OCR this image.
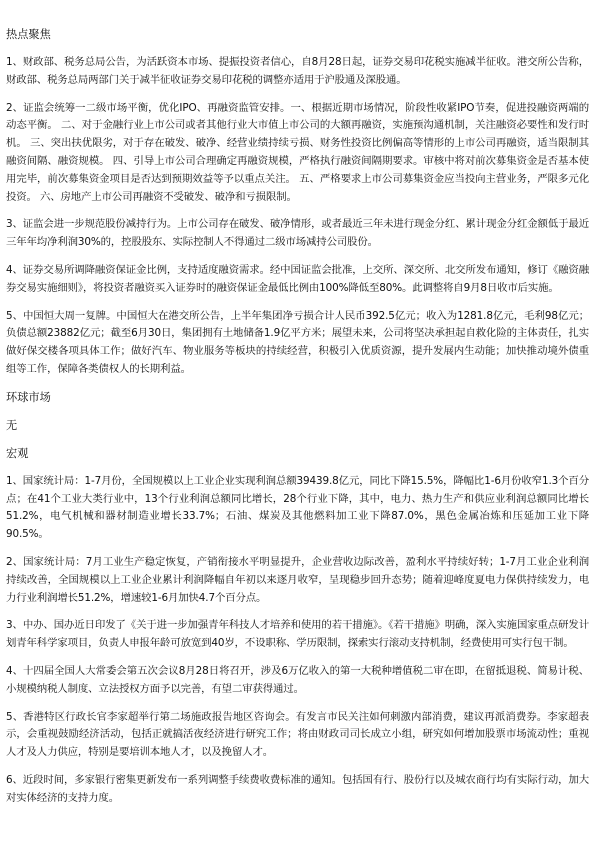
热点聚焦
1、财政部、税务总局公告，为活跃资本市场、提振投资者信心，自8月28日起，证券交易印花税实施减半征收。港交所公告称，财政部、税务总局两部门关于减半征收证券交易印花税的调整亦适用于沪股通及深股通。
2、证监会统筹一二级市场平衡，优化IPO、再融资监管安排。一、根据近期市场情况，阶段性收紧IPO节奏，促进投融资两端的动态平衡。 二、对于金融行业上市公司或者其他行业大市值上市公司的大额再融资，实施预沟通机制，关注融资必要性和发行时机。 三、突出扶优限劣，对于存在破发、破净、经营业绩持续亏损、财务性投资比例偏高等情形的上市公司再融资，适当限制其融资间隔、融资规模。 四、引导上市公司合理确定再融资规模，严格执行融资间隔期要求。审核中将对前次募集资金是否基本使用完毕，前次募集资金项目是否达到预期效益等予以重点关注。 五、严格要求上市公司募集资金应当投向主营业务，严限多元化投资。 六、房地产上市公司再融资不受破发、破净和亏损限制。
3、证监会进一步规范股份减持行为。上市公司存在破发、破净情形，或者最近三年未进行现金分红、累计现金分红金额低于最近三年年均净利润30%的，控股股东、实际控制人不得通过二级市场减持公司股份。
4、证券交易所调降融资保证金比例，支持适度融资需求。经中国证监会批准，上交所、深交所、北交所发布通知，修订《融资融券交易实施细则》，将投资者融资买入证券时的融资保证金最低比例由100%降低至80%。此调整将自9月8日收市后实施。
5、中国恒大周一复牌。中国恒大在港交所公告，上半年集团净亏损合计人民币392.5亿元；收入为1281.8亿元，毛利98亿元；负债总额23882亿元；截至6月30日，集团拥有土地储备1.9亿平方米；展望未来，公司将坚决承担起自救化险的主体责任，扎实做好保交楼各项具体工作；做好汽车、物业服务等板块的持续经营，积极引入优质资源，提升发展内生动能；加快推动境外债重组等工作，保障各类债权人的长期利益。
环球市场
无
宏观
1、国家统计局：1-7月份，全国规模以上工业企业实现利润总额39439.8亿元，同比下降15.5%，降幅比1-6月份收窄1.3个百分点；在41个工业大类行业中，13个行业利润总额同比增长，28个行业下降，其中，电力、热力生产和供应业利润总额同比增长51.2%，电气机械和器材制造业增长33.7%；石油、煤炭及其他燃料加工业下降87.0%，黑色金属冶炼和压延加工业下降90.5%。
2、国家统计局：7月工业生产稳定恢复，产销衔接水平明显提升，企业营收边际改善，盈利水平持续好转；1-7月工业企业利润持续改善，全国规模以上工业企业累计利润降幅自年初以来逐月收窄，呈现稳步回升态势；随着迎峰度夏电力保供持续发力，电力行业利润增长51.2%，增速较1-6月加快4.7个百分点。
3、中办、国办近日印发了《关于进一步加强青年科技人才培养和使用的若干措施》。《若干措施》明确，深入实施国家重点研发计划青年科学家项目，负责人申报年龄可放宽到40岁，不设职称、学历限制，探索实行滚动支持机制，经费使用可实行包干制。
4、十四届全国人大常委会第五次会议8月28日将召开，涉及6万亿收入的第一大税种增值税二审在即，在留抵退税、简易计税、小规模纳税人制度、立法授权方面予以完善，有望二审获得通过。
5、香港特区行政长官李家超举行第二场施政报告地区咨询会。有发言市民关注如何刺激内部消费，建议再派消费券。李家超表示，会重视鼓励经济活动，包括正就搞活夜经济进行研究工作；将由财政司司长成立小组，研究如何增加股票市场流动性；重视人才及人力供应，特别是要培训本地人才，以及挽留人才。
6、近段时间，多家银行密集更新发布一系列调整手续费收费标准的通知。包括国有行、股份行以及城农商行均有实际行动，加大对实体经济的支持力度。
